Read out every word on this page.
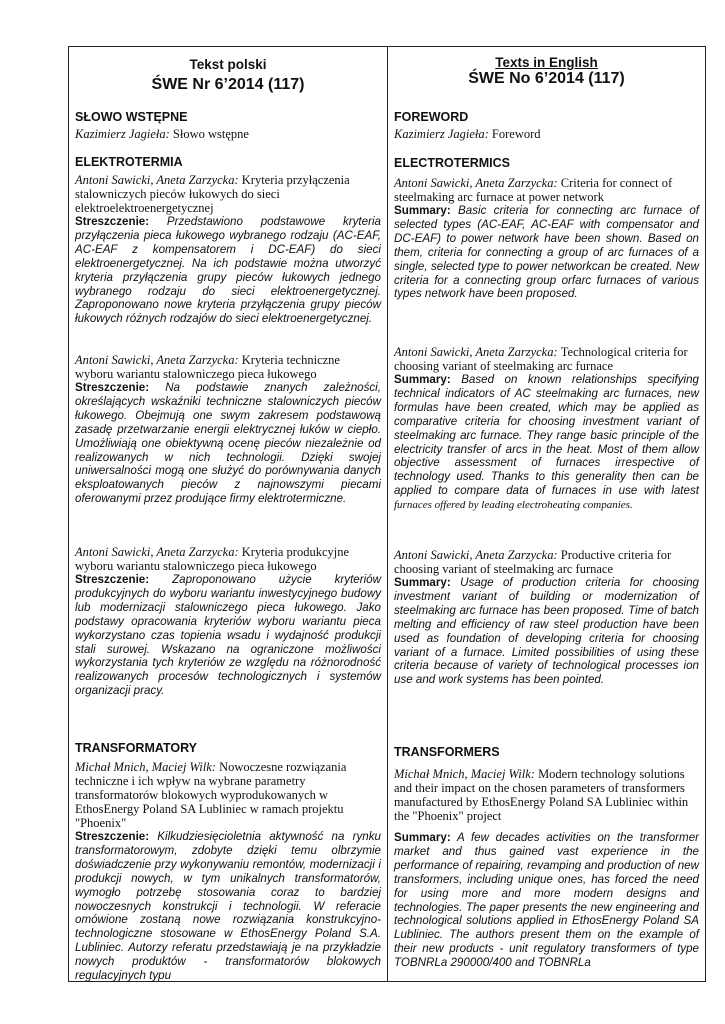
Tekst polski
ŚWE Nr 6’2014 (117)
SŁOWO WSTĘPNE
Kazimierz Jagieła: Słowo wstępne
ELEKTROTERMIA
Antoni Sawicki, Aneta Zarzycka: Kryteria przyłączenia stalowniczych pieców łukowych do sieci elektroelektroenergetycznej
Streszczenie: Przedstawiono podstawowe kryteria przyłączenia pieca łukowego wybranego rodzaju (AC-EAF, AC-EAF z kompensatorem i DC-EAF) do sieci elektroenergetycznej. Na ich podstawie można utworzyć kryteria przyłączenia grupy pieców łukowych jednego wybranego rodzaju do sieci elektroenergetycznej. Zaproponowano nowe kryteria przyłączenia grupy pieców łukowych różnych rodzajów do sieci elektroenergetycznej.
Antoni Sawicki, Aneta Zarzycka: Kryteria techniczne wyboru wariantu stalowniczego pieca łukowego
Streszczenie: Na podstawie znanych zależności, określających wskaźniki techniczne stalowniczych pieców łukowego. Obejmują one swym zakresem podstawową zasadę przetwarzanie energii elektrycznej łuków w ciepło. Umożliwiają one obiektywną ocenę pieców niezależnie od realizowanych w nich technologii. Dzięki swojej uniwersalności mogą one służyć do porównywania danych eksploatowanych pieców z najnowszymi piecami oferowanymi przez produjące firmy elektrotermiczne.
Antoni Sawicki, Aneta Zarzycka: Kryteria produkcyjne wyboru wariantu stalowniczego pieca łukowego
Streszczenie: Zaproponowano użycie kryteriów produkcyjnych do wyboru wariantu inwestycyjnego budowy lub modernizacji stalowniczego pieca łukowego. Jako podstawy opracowania kryteriów wyboru wariantu pieca wykorzystano czas topienia wsadu i wydajność produkcji stali surowej. Wskazano na ograniczone możliwości wykorzystania tych kryteriów ze względu na różnorodność realizowanych procesów technologicznych i systemów organizacji pracy.
TRANSFORMATORY
Michał Mnich, Maciej Wilk: Nowoczesne rozwiązania techniczne i ich wpływ na wybrane parametry transformatorów blokowych wyprodukowanych w EthosEnergy Poland SA Lubliniec w ramach projektu "Phoenix"
Streszczenie: Kilkudziesięcioletnia aktywność na rynku transformatorowym, zdobyte dzięki temu olbrzymie doświadczenie przy wykonywaniu remontów, modernizacji i produkcji nowych, w tym unikalnych transformatorów, wymogło potrzebę stosowania coraz to bardziej nowoczesnych konstrukcji i technologii. W referacie omówione zostaną nowe rozwiązania konstrukcyjno-technologiczne stosowane w EthosEnergy Poland S.A. Lubliniec. Autorzy referatu przedstawiają je na przykładzie nowych produktów - transformatorów blokowych regulacyjnych typu
Texts in English
ŚWE No 6’2014 (117)
FOREWORD
Kazimierz Jagieła: Foreword
ELECTROTERMICS
Antoni Sawicki, Aneta Zarzycka: Criteria for connect of steelmaking arc furnace at power network
Summary: Basic criteria for connecting arc furnace of selected types (AC-EAF, AC-EAF with compensator and DC-EAF) to power network have been shown. Based on them, criteria for connecting a group of arc furnaces of a single, selected type to power networkcan be created. New criteria for a connecting group orfarc furnaces of various types network have been proposed.
Antoni Sawicki, Aneta Zarzycka: Technological criteria for choosing variant of steelmaking arc furnace
Summary: Based on known relationships specifying technical indicators of AC steelmaking arc furnaces, new formulas have been created, which may be applied as comparative criteria for choosing investment variant of steelmaking arc furnace. They range basic principle of the electricity transfer of arcs in the heat. Most of them allow objective assessment of furnaces irrespective of technology used. Thanks to this generality then can be applied to compare data of furnaces in use with latest furnaces offered by leading electroheating companies.
Antoni Sawicki, Aneta Zarzycka: Productive criteria for choosing variant of steelmaking arc furnace
Summary: Usage of production criteria for choosing investment variant of building or modernization of steelmaking arc furnace has been proposed. Time of batch melting and efficiency of raw steel production have been used as foundation of developing criteria for choosing variant of a furnace. Limited possibilities of using these criteria because of variety of technological processes ion use and work systems has been pointed.
TRANSFORMERS
Michał Mnich, Maciej Wilk: Modern technology solutions and their impact on the chosen parameters of transformers manufactured by EthosEnergy Poland SA Lubliniec within the "Phoenix" project
Summary: A few decades activities on the transformer market and thus gained vast experience in the performance of repairing, revamping and production of new transformers, including unique ones, has forced the need for using more and more modern designs and technologies. The paper presents the new engineering and technological solutions applied in EthosEnergy Poland SA Lubliniec. The authors present them on the example of their new products - unit regulatory transformers of type TOBNRLa 290000/400 and TOBNRLa
